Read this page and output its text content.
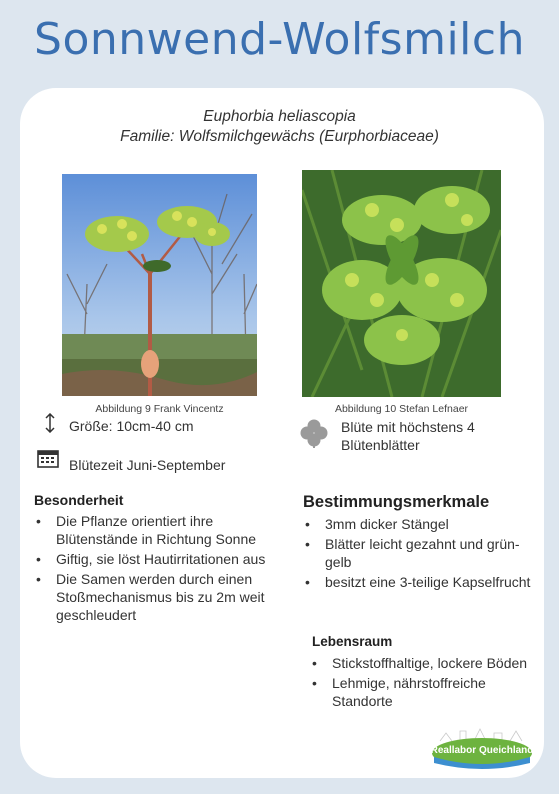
Sonnwend-Wolfsmilch
Euphorbia heliascopia
Familie: Wolfsmilchgewächs (Eurphorbiaceae)
Abbildung 9 Frank Vincentz	Abbildung 10 Stefan Lefnaer
Größe: 10cm-40 cm
Blütezeit Juni-September
Blüte mit höchstens 4 Blütenblätter
Besonderheit
• Die Pflanze orientiert ihre Blütenstände in Richtung Sonne
• Giftig, sie löst Hautirritationen aus
• Die Samen werden durch einen Stoßmechanismus bis zu 2m weit geschleudert
Bestimmungsmerkmale
• 3mm dicker Stängel
• Blätter leicht gezahnt und grün-gelb
• besitzt eine 3-teilige Kapselfrucht
Lebensraum
• Stickstoffhaltige, lockere Böden
• Lehmige, nährstoffreiche Standorte
Reallabor Queichland
